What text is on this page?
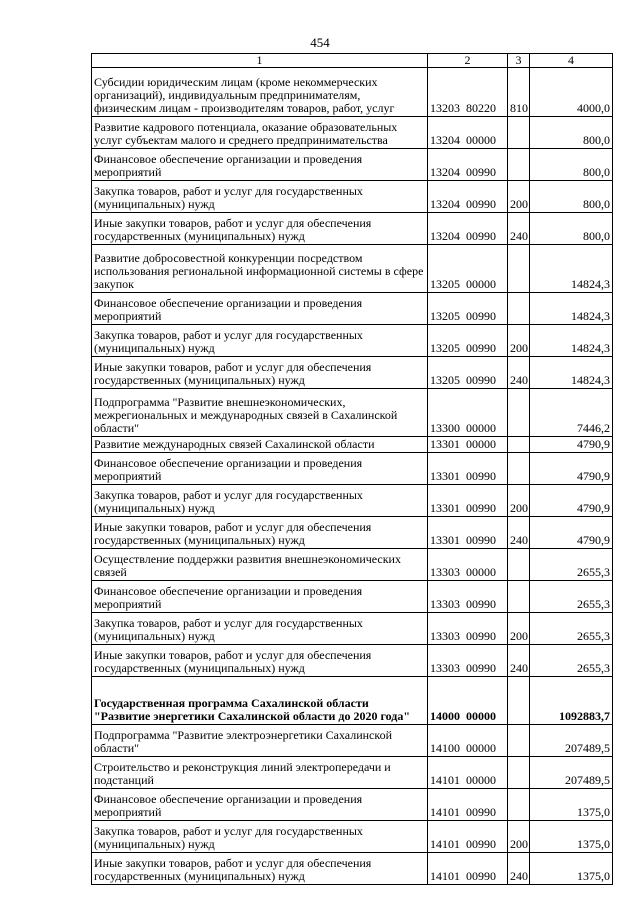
454
1	2	3	4
Субсидии юридическим лицам (кроме некоммерческих организаций), индивидуальным предпринимателям, физическим лицам - производителям товаров, работ, услуг	13203 80220	810	4000,0
Развитие кадрового потенциала, оказание образовательных услуг субъектам малого и среднего предпринимательства	13204 00000		800,0
Финансовое обеспечение организации и проведения мероприятий	13204 00990		800,0
Закупка товаров, работ и услуг для государственных (муниципальных) нужд	13204 00990	200	800,0
Иные закупки товаров, работ и услуг для обеспечения государственных (муниципальных) нужд	13204 00990	240	800,0
Развитие добросовестной конкуренции посредством использования региональной информационной системы в сфере закупок	13205 00000		14824,3
Финансовое обеспечение организации и проведения мероприятий	13205 00990		14824,3
Закупка товаров, работ и услуг для государственных (муниципальных) нужд	13205 00990	200	14824,3
Иные закупки товаров, работ и услуг для обеспечения государственных (муниципальных) нужд	13205 00990	240	14824,3
Подпрограмма "Развитие внешнеэкономических, межрегиональных и международных связей в Сахалинской области"	13300 00000		7446,2
Развитие международных связей Сахалинской области	13301 00000		4790,9
Финансовое обеспечение организации и проведения мероприятий	13301 00990		4790,9
Закупка товаров, работ и услуг для государственных (муниципальных) нужд	13301 00990	200	4790,9
Иные закупки товаров, работ и услуг для обеспечения государственных (муниципальных) нужд	13301 00990	240	4790,9
Осуществление поддержки развития внешнеэкономических связей	13303 00000		2655,3
Финансовое обеспечение организации и проведения мероприятий	13303 00990		2655,3
Закупка товаров, работ и услуг для государственных (муниципальных) нужд	13303 00990	200	2655,3
Иные закупки товаров, работ и услуг для обеспечения государственных (муниципальных) нужд	13303 00990	240	2655,3
Государственная программа Сахалинской области "Развитие энергетики Сахалинской области до 2020 года"	14000 00000		1092883,7
Подпрограмма "Развитие электроэнергетики Сахалинской области"	14100 00000		207489,5
Строительство и реконструкция линий электропередачи и подстанций	14101 00000		207489,5
Финансовое обеспечение организации и проведения мероприятий	14101 00990		1375,0
Закупка товаров, работ и услуг для государственных (муниципальных) нужд	14101 00990	200	1375,0
Иные закупки товаров, работ и услуг для обеспечения государственных (муниципальных) нужд	14101 00990	240	1375,0
